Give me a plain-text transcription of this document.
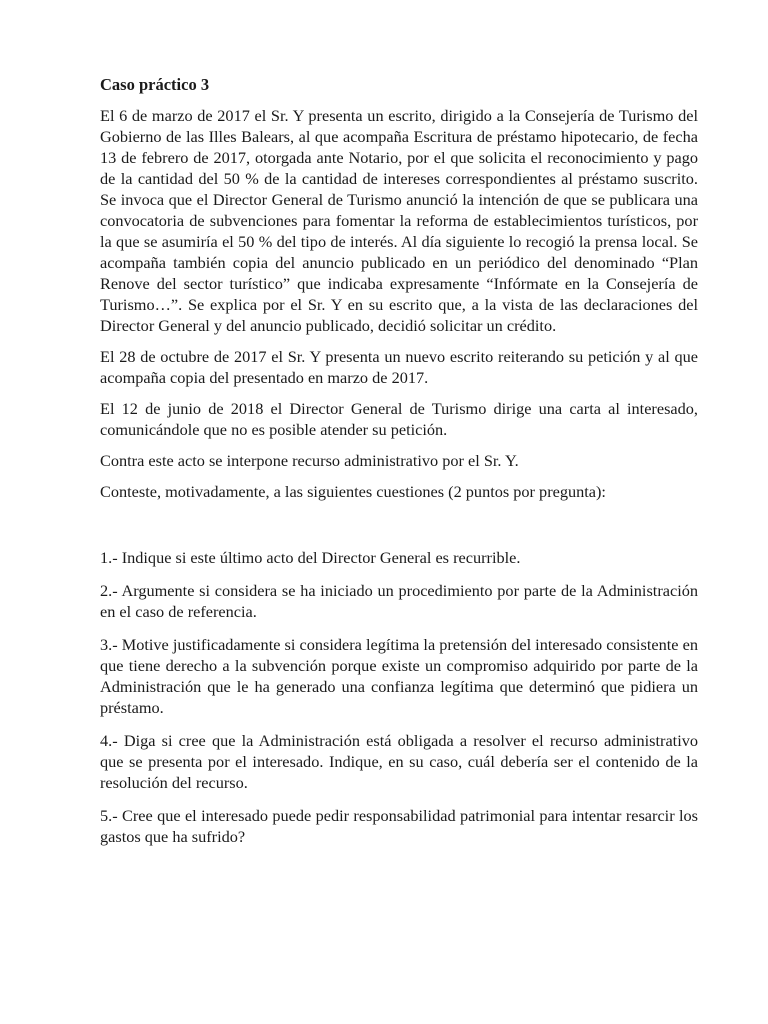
Caso práctico 3

El 6 de marzo de 2017 el Sr. Y presenta un escrito, dirigido a la Consejería de Turismo del Gobierno de las Illes Balears, al que acompaña Escritura de préstamo hipotecario, de fecha 13 de febrero de 2017, otorgada ante Notario, por el que solicita el reconocimiento y pago de la cantidad del 50 % de la cantidad de intereses correspondientes al préstamo suscrito. Se invoca que el Director General de Turismo anunció la intención de que se publicara una convocatoria de subvenciones para fomentar la reforma de establecimientos turísticos, por la que se asumiría el 50 % del tipo de interés. Al día siguiente lo recogió la prensa local. Se acompaña también copia del anuncio publicado en un periódico del denominado “Plan Renove del sector turístico” que indicaba expresamente “Infórmate en la Consejería de Turismo…”. Se explica por el Sr. Y en su escrito que, a la vista de las declaraciones del Director General y del anuncio publicado, decidió solicitar un crédito.

El 28 de octubre de 2017 el Sr. Y presenta un nuevo escrito reiterando su petición y al que acompaña copia del presentado en marzo de 2017.

El 12 de junio de 2018 el Director General de Turismo dirige una carta al interesado, comunicándole que no es posible atender su petición.

Contra este acto se interpone recurso administrativo por el Sr. Y.

Conteste, motivadamente, a las siguientes cuestiones (2 puntos por pregunta):

1.- Indique si este último acto del Director General es recurrible.

2.- Argumente si considera se ha iniciado un procedimiento por parte de la Administración en el caso de referencia.

3.- Motive justificadamente si considera legítima la pretensión del interesado consistente en que tiene derecho a la subvención porque existe un compromiso adquirido por parte de la Administración que le ha generado una confianza legítima que determinó que pidiera un préstamo.

4.- Diga si cree que la Administración está obligada a resolver el recurso administrativo que se presenta por el interesado. Indique, en su caso, cuál debería ser el contenido de la resolución del recurso.

5.- Cree que el interesado puede pedir responsabilidad patrimonial para intentar resarcir los gastos que ha sufrido?
